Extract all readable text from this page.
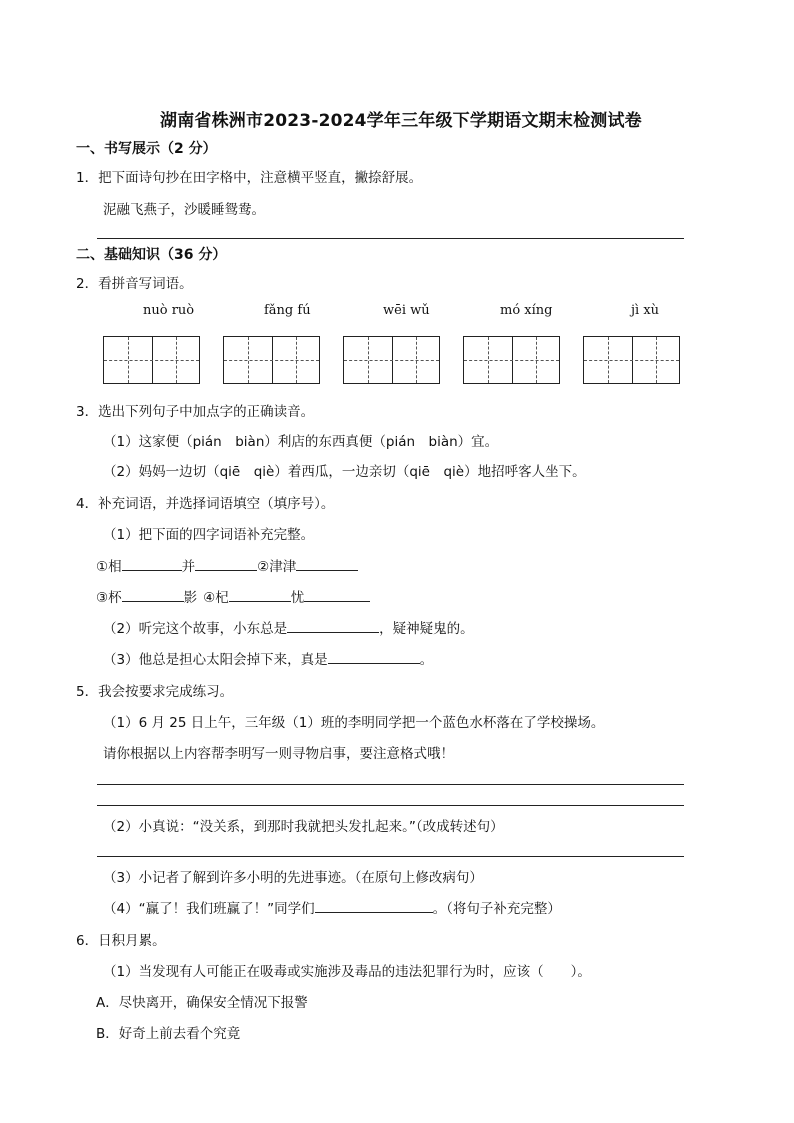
湖南省株洲市2023-2024学年三年级下学期语文期末检测试卷
一、书写展示（2 分）
1．把下面诗句抄在田字格中，注意横平竖直，撇捺舒展。
泥融飞燕子，沙暖睡鸳鸯。
二、基础知识（36 分）
2．看拼音写词语。
nuò ruò	fǎng fú	wēi wǔ	mó xíng	jì xù
3．选出下列句子中加点字的正确读音。
（1）这家便（pián　biàn）利店的东西真便（pián　biàn）宜。
（2）妈妈一边切（qiē　qiè）着西瓜，一边亲切（qiē　qiè）地招呼客人坐下。
4．补充词语，并选择词语填空（填序号）。
（1）把下面的四字词语补充完整。
①相	并	②津津
③杯	影 ④杞	忧
（2）听完这个故事，小东总是	，疑神疑鬼的。
（3）他总是担心太阳会掉下来，真是	。
5．我会按要求完成练习。
（1）6 月 25 日上午，三年级（1）班的李明同学把一个蓝色水杯落在了学校操场。
请你根据以上内容帮李明写一则寻物启事，要注意格式哦！
（2）小真说：“没关系，到那时我就把头发扎起来。”（改成转述句）
（3）小记者了解到许多小明的先进事迹。（在原句上修改病句）
（4）“赢了！我们班赢了！”同学们	。（将句子补充完整）
6．日积月累。
（1）当发现有人可能正在吸毒或实施涉及毒品的违法犯罪行为时，应该（　　）。
A．尽快离开，确保安全情况下报警
B．好奇上前去看个究竟
